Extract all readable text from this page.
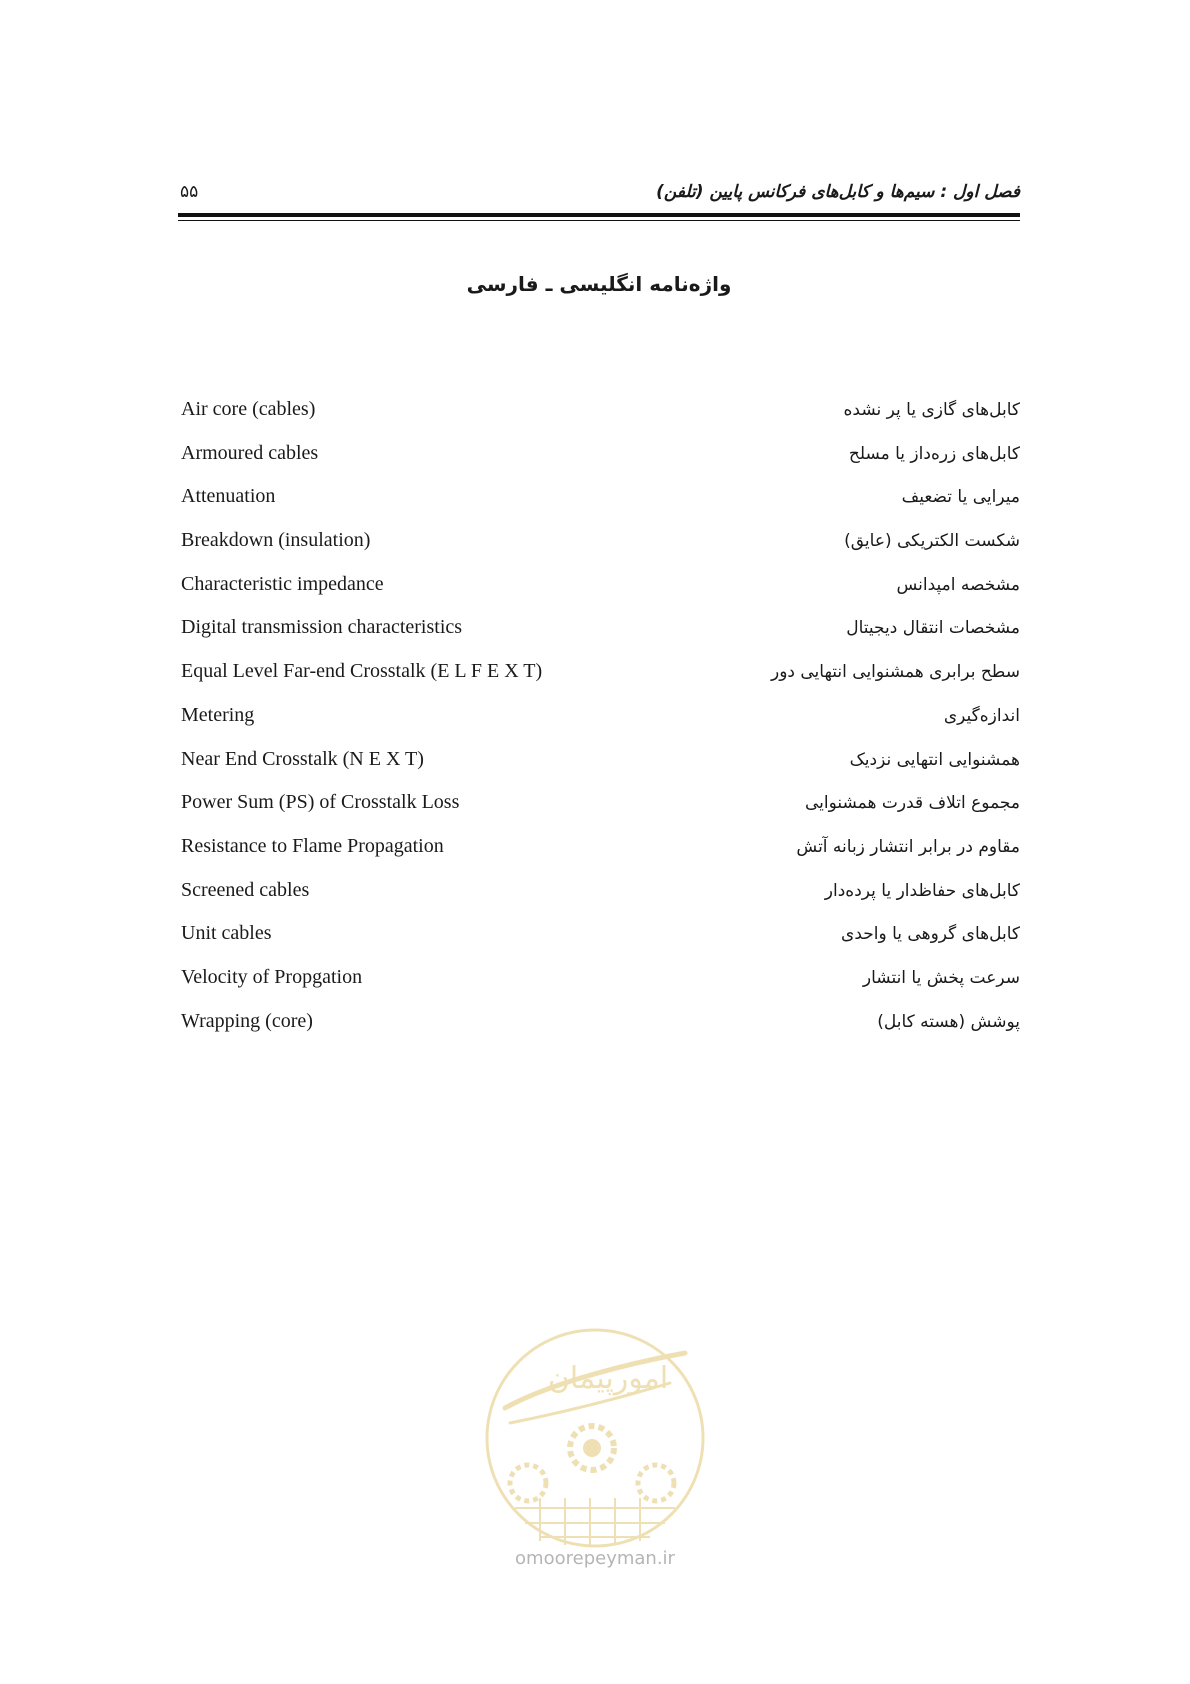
فصل اول : سیم‌ها و کابل‌های فرکانس پایین (تلفن)
۵۵
واژه‌نامه انگلیسی ـ فارسی
Air core (cables)	کابل‌های گازی یا پر نشده
Armoured cables	کابل‌های زره‌داز یا مسلح
Attenuation	میرایی یا تضعیف
Breakdown (insulation)	شکست الکتریکی (عایق)
Characteristic impedance	مشخصه امپدانس
Digital transmission characteristics	مشخصات انتقال دیجیتال
Equal Level Far-end Crosstalk (E L F E X T)	سطح برابری همشنوایی انتهایی دور
Metering	اندازه‌گیری
Near End Crosstalk (N E X T)	همشنوایی انتهایی نزدیک
Power Sum (PS) of Crosstalk Loss	مجموع اتلاف قدرت همشنوایی
Resistance to Flame Propagation	مقاوم در برابر انتشار زبانه آتش
Screened cables	کابل‌های حفاظدار یا پرده‌دار
Unit cables	کابل‌های گروهی یا واحدی
Velocity of Propgation	سرعت پخش یا انتشار
Wrapping (core)	پوشش (هسته کابل)
امورپیمان
omoorepeyman.ir
